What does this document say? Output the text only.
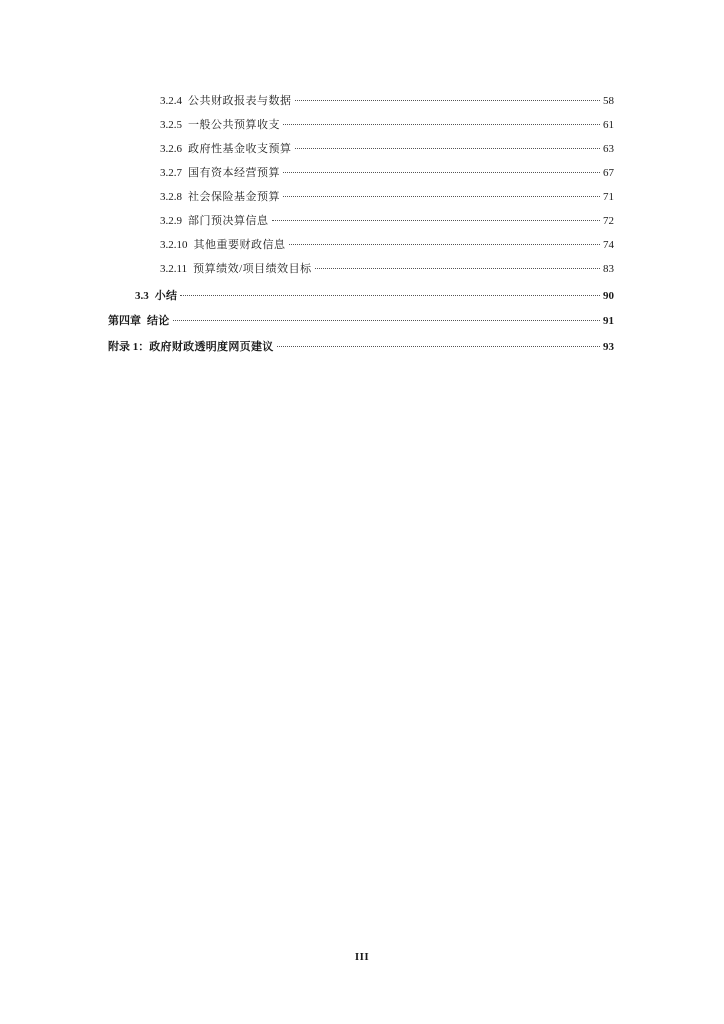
3.2.4 公共财政报表与数据	58
3.2.5 一般公共预算收支	61
3.2.6 政府性基金收支预算	63
3.2.7 国有资本经营预算	67
3.2.8 社会保险基金预算	71
3.2.9 部门预决算信息	72
3.2.10 其他重要财政信息	74
3.2.11 预算绩效/项目绩效目标	83
3.3 小结	90
第四章 结论	91
附录 1： 政府财政透明度网页建议	93
III
